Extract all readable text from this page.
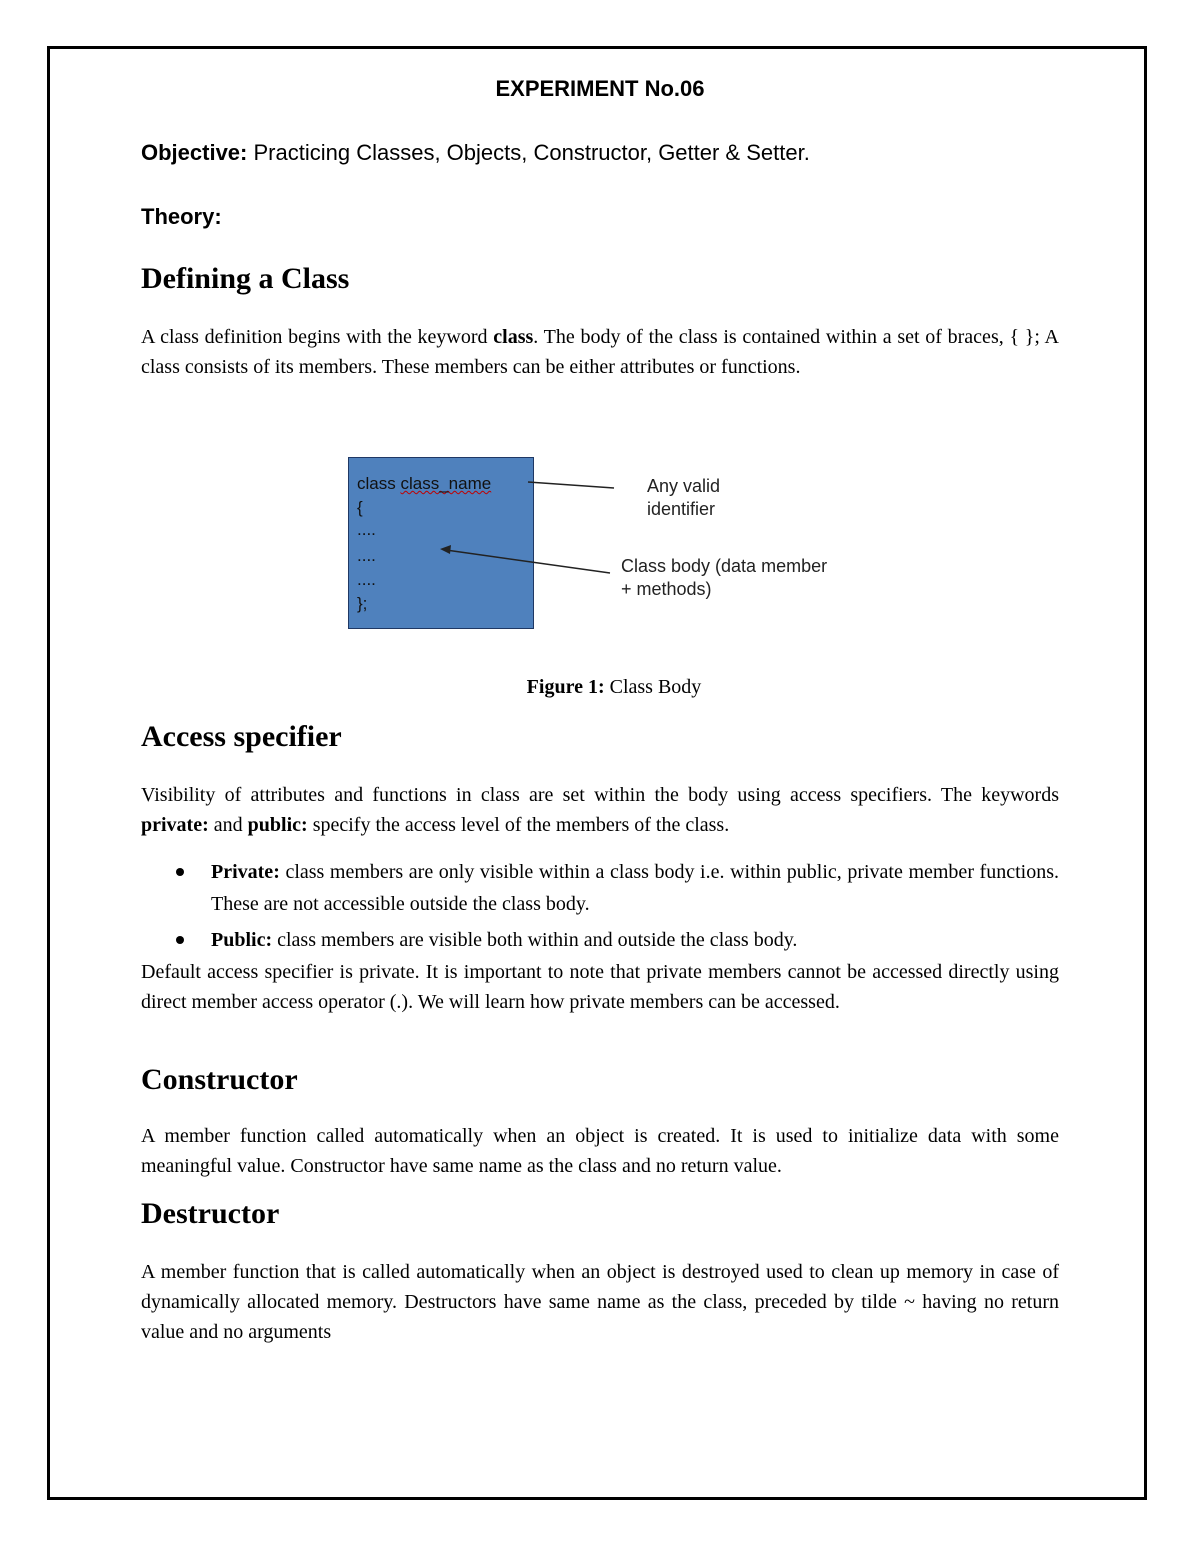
EXPERIMENT No.06

Objective: Practicing Classes, Objects, Constructor, Getter & Setter.

Theory:

Defining a Class

A class definition begins with the keyword class. The body of the class is contained within a set of braces, { }; A class consists of its members. These members can be either attributes or functions.

class class_name
{
....
....
....
};
Any valid
identifier
Class body (data member
+ methods)

Figure 1: Class Body

Access specifier

Visibility of attributes and functions in class are set within the body using access specifiers. The keywords private: and public: specify the access level of the members of the class.

Private: class members are only visible within a class body i.e. within public, private member functions. These are not accessible outside the class body.

Public: class members are visible both within and outside the class body.

Default access specifier is private. It is important to note that private members cannot be accessed directly using direct member access operator (.). We will learn how private members can be accessed.

Constructor

A member function called automatically when an object is created. It is used to initialize data with some meaningful value. Constructor have same name as the class and no return value.

Destructor

A member function that is called automatically when an object is destroyed used to clean up memory in case of dynamically allocated memory. Destructors have same name as the class, preceded by tilde ~ having no return value and no arguments
